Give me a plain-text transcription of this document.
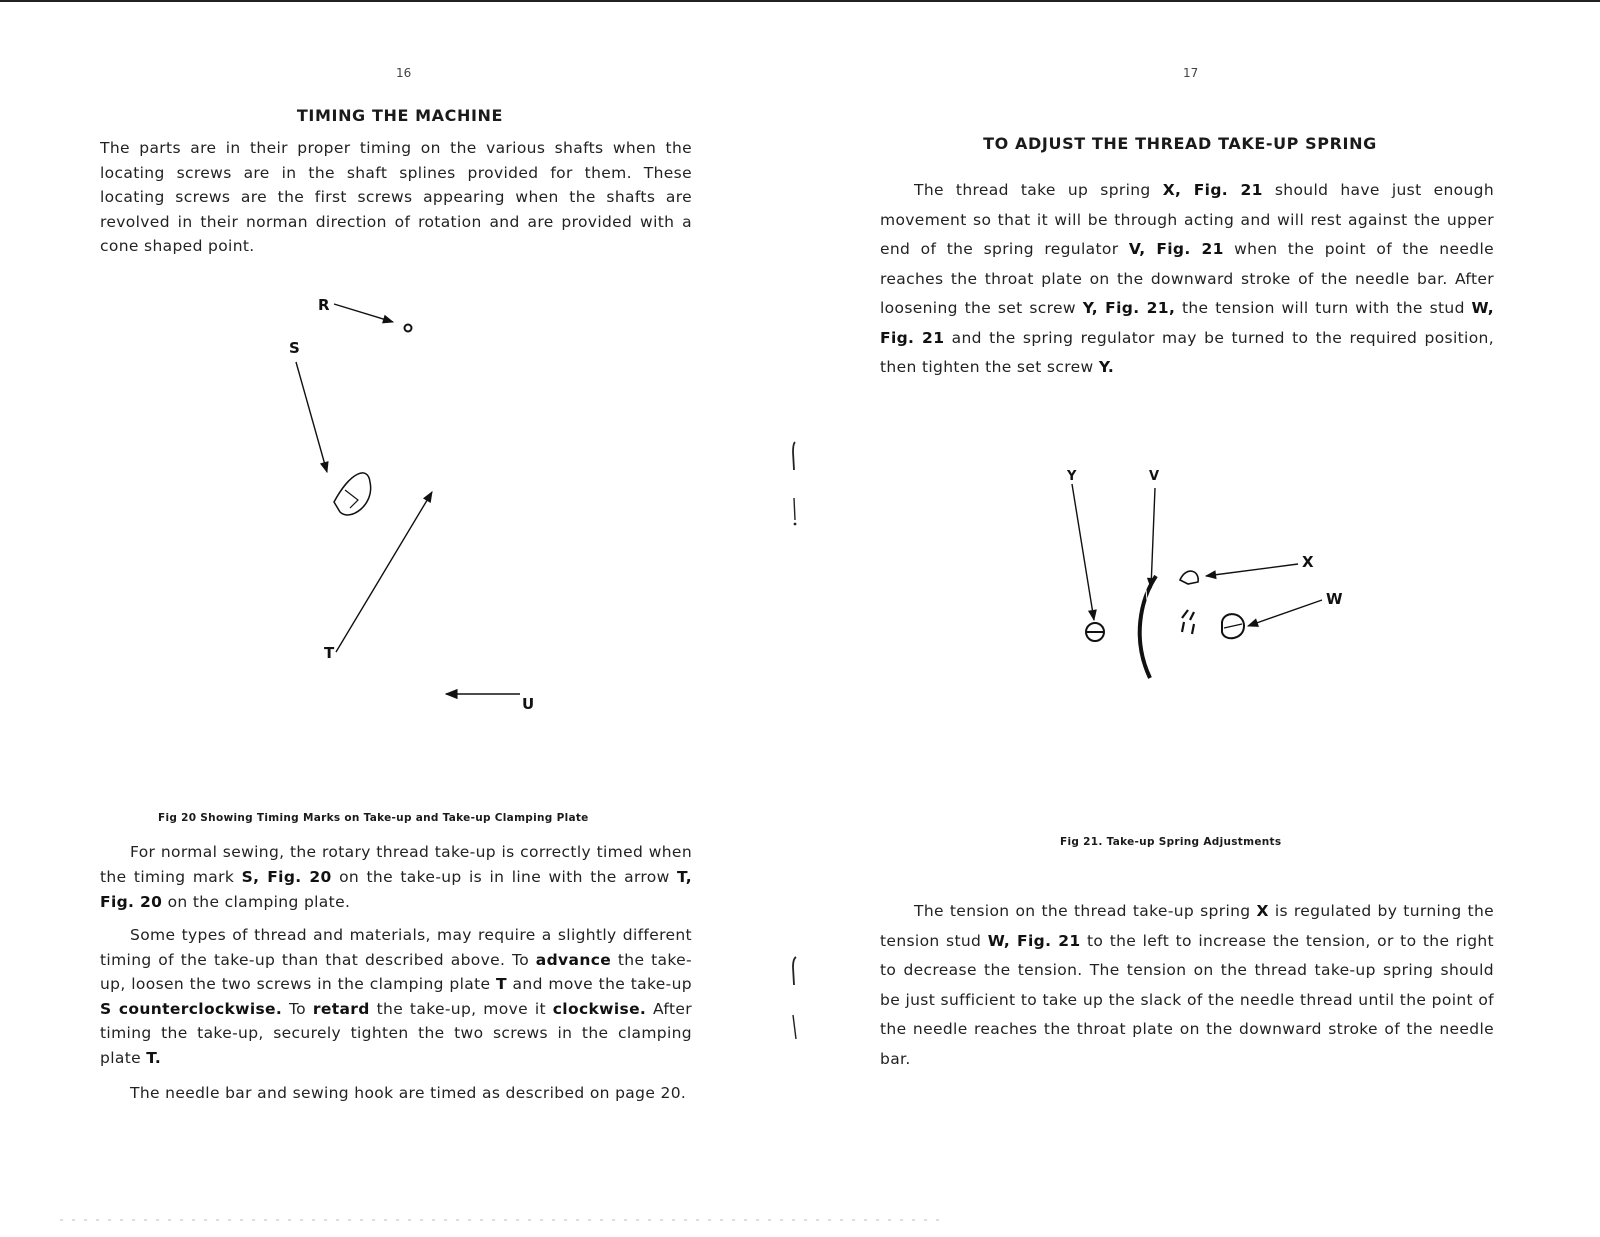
16
TIMING THE MACHINE

The parts are in their proper timing on the various shafts when the locating screws are in the shaft splines provided for them. These locating screws are the first screws appearing when the shafts are revolved in their norman direction of rotation and are provided with a cone shaped point.

R
S
T
U
Fig 20 Showing Timing Marks on Take-up and Take-up Clamping Plate

For normal sewing, the rotary thread take-up is correctly timed when the timing mark S, Fig. 20 on the take-up is in line with the arrow T, Fig. 20 on the clamping plate.

Some types of thread and materials, may require a slightly different timing of the take-up than that described above. To advance the take-up, loosen the two screws in the clamping plate T and move the take-up S counterclockwise. To retard the take-up, move it clockwise. After timing the take-up, securely tighten the two screws in the clamping plate T.

The needle bar and sewing hook are timed as described on page 20.

17
TO ADJUST THE THREAD TAKE-UP SPRING

The thread take up spring X, Fig. 21 should have just enough movement so that it will be through acting and will rest against the upper end of the spring regulator V, Fig. 21 when the point of the needle reaches the throat plate on the downward stroke of the needle bar. After loosening the set screw Y, Fig. 21, the tension will turn with the stud W, Fig. 21 and the spring regulator may be turned to the required position, then tighten the set screw Y.

Y	V
X
W
Fig 21. Take-up Spring Adjustments

The tension on the thread take-up spring X is regulated by turning the tension stud W, Fig. 21 to the left to increase the tension, or to the right to decrease the tension. The tension on the thread take-up spring should be just sufficient to take up the slack of the needle thread until the point of the needle reaches the throat plate on the downward stroke of the needle bar.
